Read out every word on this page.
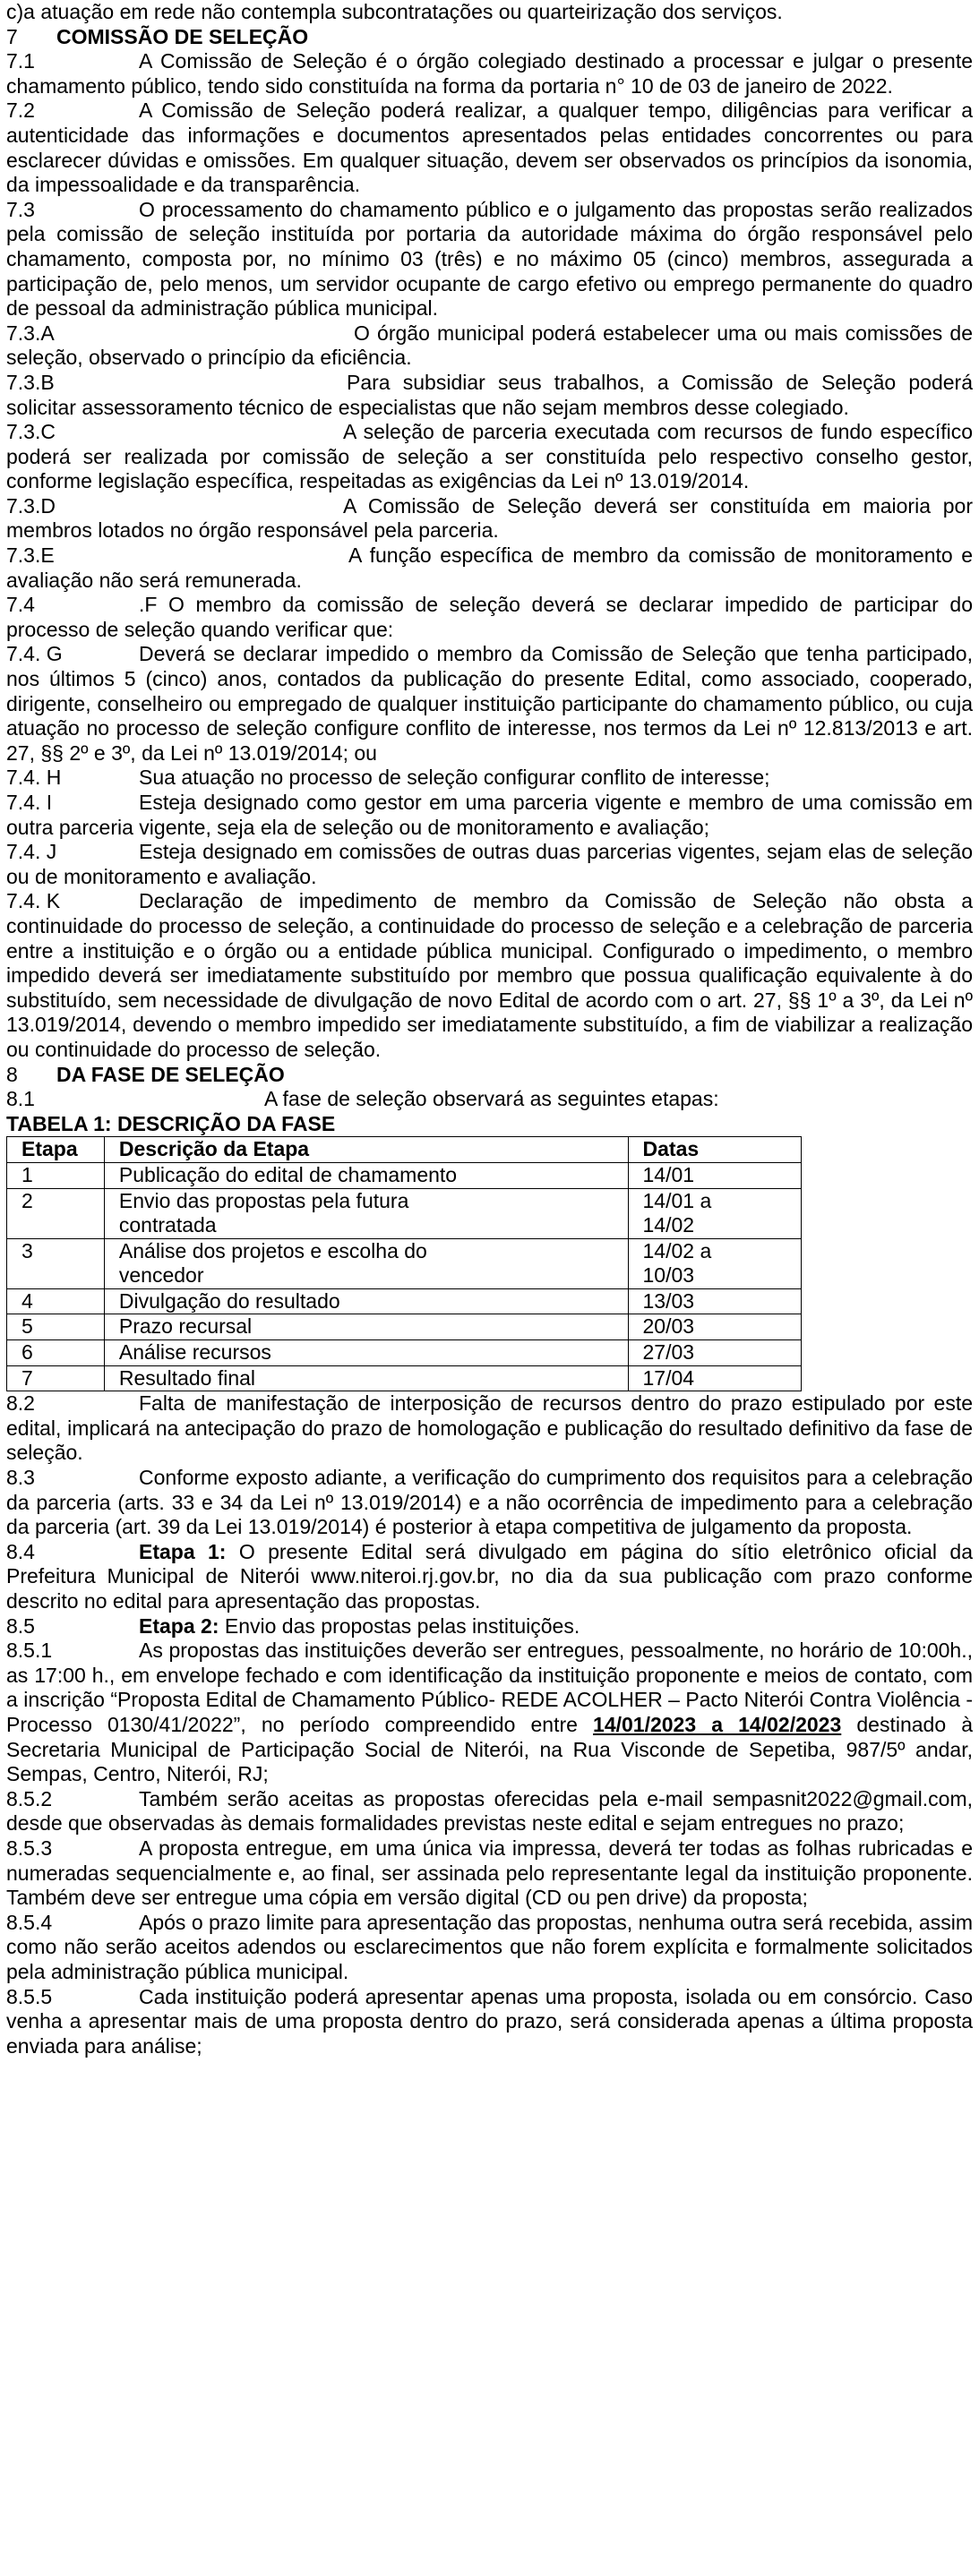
c)a atuação em rede não contempla subcontratações ou quarteirização dos serviços.

7 COMISSÃO DE SELEÇÃO

7.1	A Comissão de Seleção é o órgão colegiado destinado a processar e julgar o presente chamamento público, tendo sido constituída na forma da portaria n° 10 de 03 de janeiro de 2022.

7.2	A Comissão de Seleção poderá realizar, a qualquer tempo, diligências para verificar a autenticidade das informações e documentos apresentados pelas entidades concorrentes ou para esclarecer dúvidas e omissões. Em qualquer situação, devem ser observados os princípios da isonomia, da impessoalidade e da transparência.

7.3	O processamento do chamamento público e o julgamento das propostas serão realizados pela comissão de seleção instituída por portaria da autoridade máxima do órgão responsável pelo chamamento, composta por, no mínimo 03 (três) e no máximo 05 (cinco) membros, assegurada a participação de, pelo menos, um servidor ocupante de cargo efetivo ou emprego permanente do quadro de pessoal da administração pública municipal.

7.3.A	O órgão municipal poderá estabelecer uma ou mais comissões de seleção, observado o princípio da eficiência.

7.3.B	Para subsidiar seus trabalhos, a Comissão de Seleção poderá solicitar assessoramento técnico de especialistas que não sejam membros desse colegiado.

7.3.C	A seleção de parceria executada com recursos de fundo específico poderá ser realizada por comissão de seleção a ser constituída pelo respectivo conselho gestor, conforme legislação específica, respeitadas as exigências da Lei nº 13.019/2014.

7.3.D	A Comissão de Seleção deverá ser constituída em maioria por membros lotados no órgão responsável pela parceria.

7.3.E	A função específica de membro da comissão de monitoramento e avaliação não será remunerada.

7.4	.F O membro da comissão de seleção deverá se declarar impedido de participar do processo de seleção quando verificar que:

7.4. G	Deverá se declarar impedido o membro da Comissão de Seleção que tenha participado, nos últimos 5 (cinco) anos, contados da publicação do presente Edital, como associado, cooperado, dirigente, conselheiro ou empregado de qualquer instituição participante do chamamento público, ou cuja atuação no processo de seleção configure conflito de interesse, nos termos da Lei nº 12.813/2013 e art. 27, §§ 2º e 3º, da Lei nº 13.019/2014; ou

7.4. H	Sua atuação no processo de seleção configurar conflito de interesse;

7.4. I	Esteja designado como gestor em uma parceria vigente e membro de uma comissão em outra parceria vigente, seja ela de seleção ou de monitoramento e avaliação;

7.4. J	Esteja designado em comissões de outras duas parcerias vigentes, sejam elas de seleção ou de monitoramento e avaliação.

7.4. K	Declaração de impedimento de membro da Comissão de Seleção não obsta a continuidade do processo de seleção, a continuidade do processo de seleção e a celebração de parceria entre a instituição e o órgão ou a entidade pública municipal. Configurado o impedimento, o membro impedido deverá ser imediatamente substituído por membro que possua qualificação equivalente à do substituído, sem necessidade de divulgação de novo Edital de acordo com o art. 27, §§ 1º a 3º, da Lei nº 13.019/2014, devendo o membro impedido ser imediatamente substituído, a fim de viabilizar a realização ou continuidade do processo de seleção.

8 DA FASE DE SELEÇÃO

8.1	A fase de seleção observará as seguintes etapas:

TABELA 1: DESCRIÇÃO DA FASE

Etapa	Descrição da Etapa	Datas
1	Publicação do edital de chamamento	14/01

2	Envio das propostas pela futura
contratada	14/01 a
14/02

3	Análise dos projetos e escolha do
vencedor	14/02 a
10/03

4	Divulgação do resultado	13/03

5	Prazo recursal	20/03

6	Análise recursos	27/03

7	Resultado final	17/04

8.2	Falta de manifestação de interposição de recursos dentro do prazo estipulado por este edital, implicará na antecipação do prazo de homologação e publicação do resultado definitivo da fase de seleção.

8.3	Conforme exposto adiante, a verificação do cumprimento dos requisitos para a celebração da parceria (arts. 33 e 34 da Lei nº 13.019/2014) e a não ocorrência de impedimento para a celebração da parceria (art. 39 da Lei 13.019/2014) é posterior à etapa competitiva de julgamento da proposta.

8.4	Etapa 1: O presente Edital será divulgado em página do sítio eletrônico oficial da Prefeitura Municipal de Niterói www.niteroi.rj.gov.br, no dia da sua publicação com prazo conforme descrito no edital para apresentação das propostas.

8.5	Etapa 2: Envio das propostas pelas instituições.

8.5.1	As propostas das instituições deverão ser entregues, pessoalmente, no horário de 10:00h., as 17:00 h., em envelope fechado e com identificação da instituição proponente e meios de contato, com a inscrição “Proposta Edital de Chamamento Público- REDE ACOLHER – Pacto Niterói Contra Violência - Processo 0130/41/2022”, no período compreendido entre 14/01/2023 a 14/02/2023 destinado à Secretaria Municipal de Participação Social de Niterói, na Rua Visconde de Sepetiba, 987/5º andar, Sempas, Centro, Niterói, RJ;

8.5.2	Também serão aceitas as propostas oferecidas pela e-mail sempasnit2022@gmail.com, desde que observadas às demais formalidades previstas neste edital e sejam entregues no prazo;

8.5.3	A proposta entregue, em uma única via impressa, deverá ter todas as folhas rubricadas e numeradas sequencialmente e, ao final, ser assinada pelo representante legal da instituição proponente. Também deve ser entregue uma cópia em versão digital (CD ou pen drive) da proposta;

8.5.4	Após o prazo limite para apresentação das propostas, nenhuma outra será recebida, assim como não serão aceitos adendos ou esclarecimentos que não forem explícita e formalmente solicitados pela administração pública municipal.

8.5.5	Cada instituição poderá apresentar apenas uma proposta, isolada ou em consórcio. Caso venha a apresentar mais de uma proposta dentro do prazo, será considerada apenas a última proposta enviada para análise;
